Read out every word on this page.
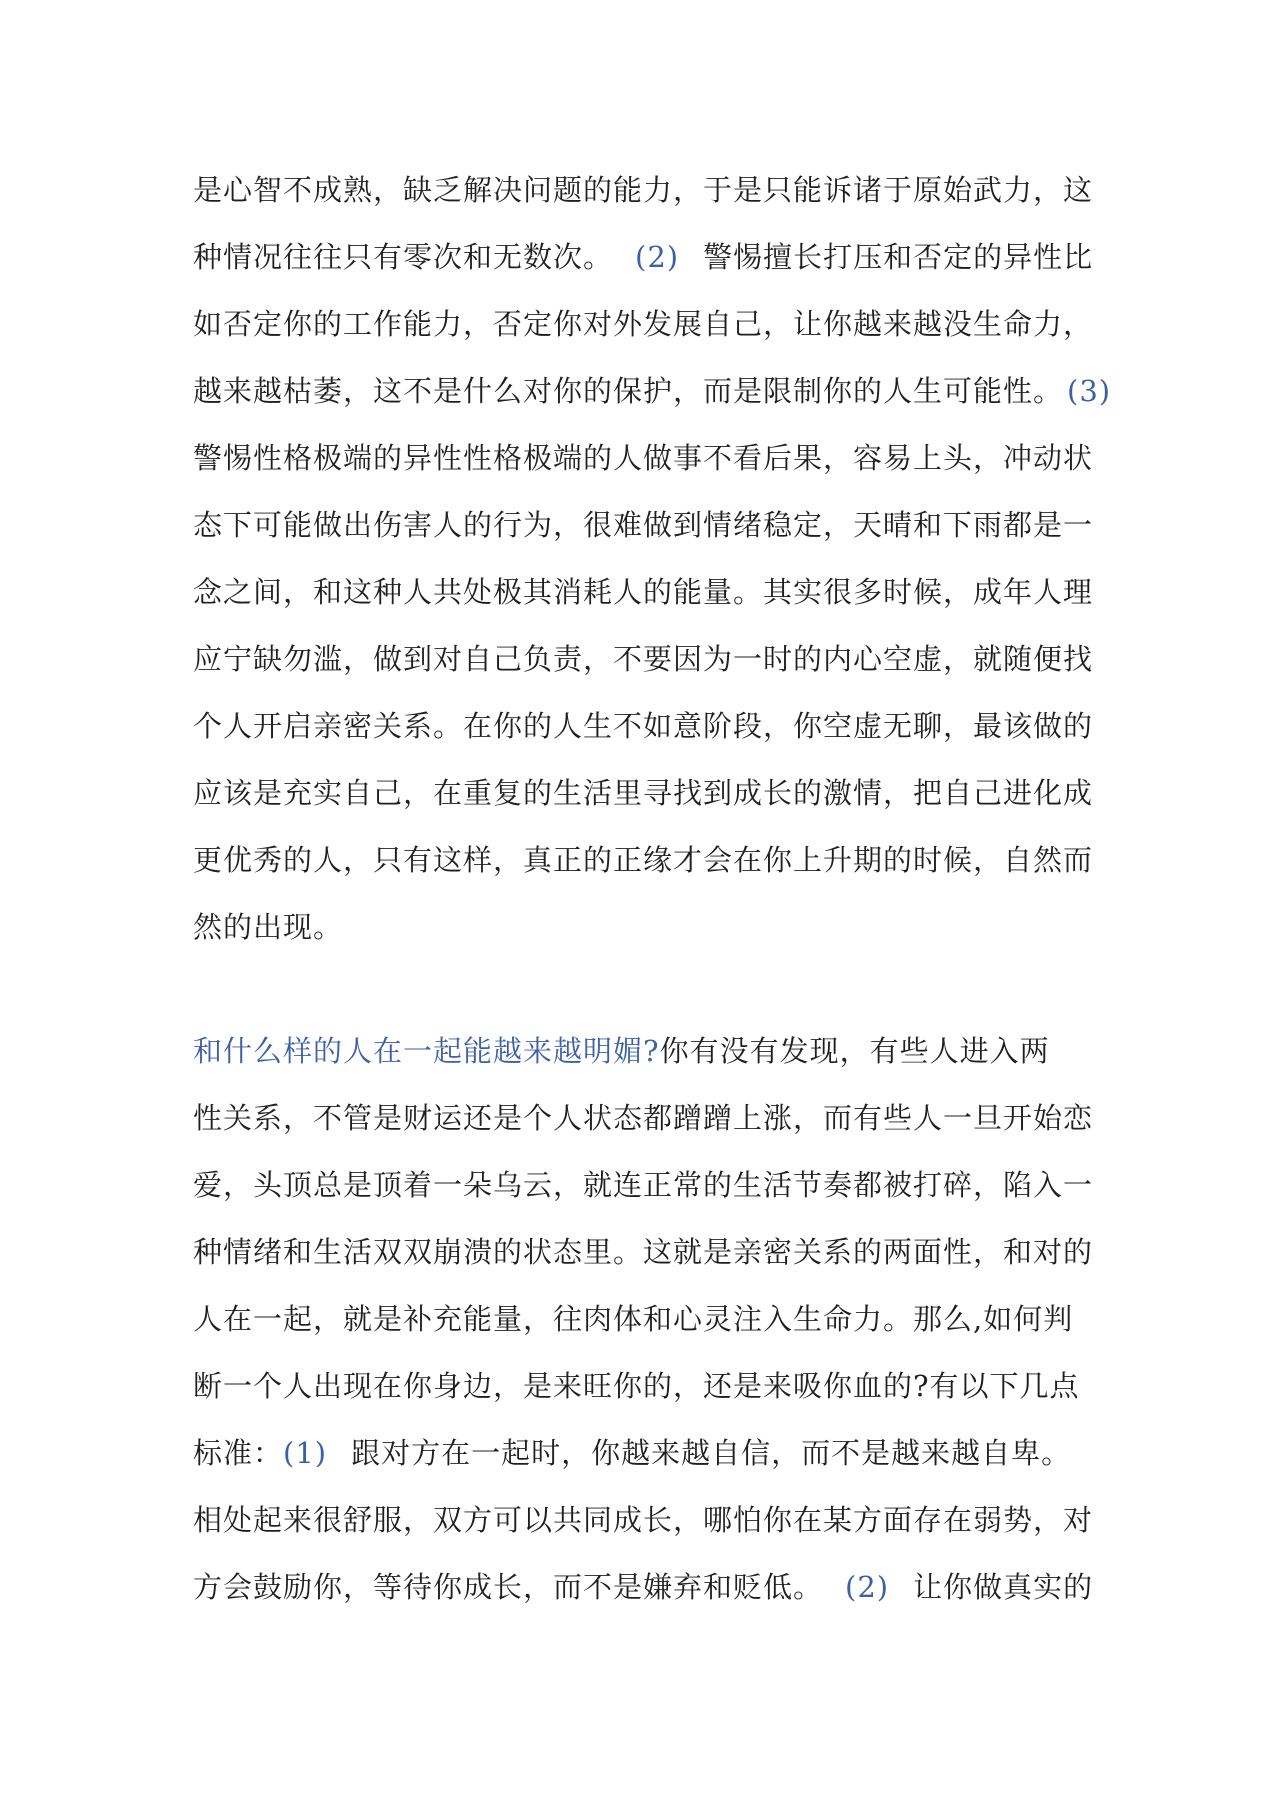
是心智不成熟，缺乏解决问题的能力，于是只能诉诸于原始武力，这
种情况往往只有零次和无数次。 (2) 警惕擅长打压和否定的异性比
如否定你的工作能力，否定你对外发展自己，让你越来越没生命力，
越来越枯萎，这不是什么对你的保护，而是限制你的人生可能性。 (3)
警惕性格极端的异性性格极端的人做事不看后果，容易上头，冲动状
态下可能做出伤害人的行为，很难做到情绪稳定，天晴和下雨都是一
念之间，和这种人共处极其消耗人的能量。其实很多时候，成年人理
应宁缺勿滥，做到对自己负责，不要因为一时的内心空虚，就随便找
个人开启亲密关系。在你的人生不如意阶段，你空虚无聊，最该做的
应该是充实自己，在重复的生活里寻找到成长的激情，把自己进化成
更优秀的人，只有这样，真正的正缘才会在你上升期的时候，自然而
然的出现。
和什么样的人在一起能越来越明媚?你有没有发现，有些人进入两
性关系，不管是财运还是个人状态都蹭蹭上涨，而有些人一旦开始恋
爱，头顶总是顶着一朵乌云，就连正常的生活节奏都被打碎，陷入一
种情绪和生活双双崩溃的状态里。这就是亲密关系的两面性，和对的
人在一起，就是补充能量，往肉体和心灵注入生命力。那么,如何判
断一个人出现在你身边，是来旺你的，还是来吸你血的?有以下几点
标准：(1) 跟对方在一起时，你越来越自信，而不是越来越自卑。
相处起来很舒服，双方可以共同成长，哪怕你在某方面存在弱势，对
方会鼓励你，等待你成长，而不是嫌弃和贬低。 (2) 让你做真实的
